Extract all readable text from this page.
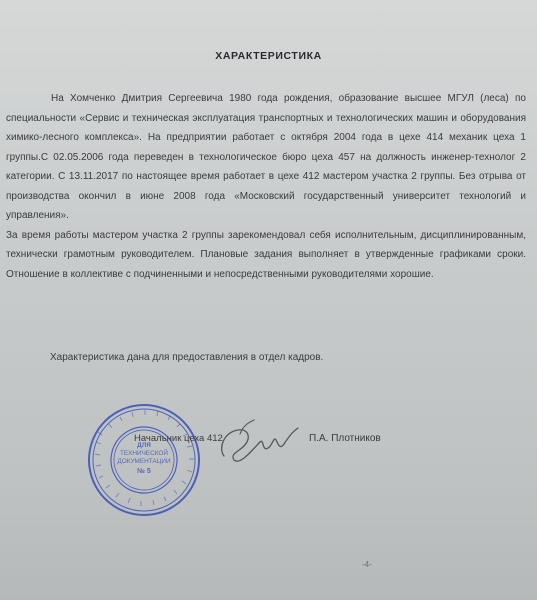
ХАРАКТЕРИСТИКА

На Хомченко Дмитрия Сергеевича 1980 года рождения, образование высшее МГУЛ (леса) по специальности «Сервис и техническая эксплуатация транспортных и технологических машин и оборудования химико-лесного комплекса». На предприятии работает с октября 2004 года в цехе 414 механик цеха 1 группы.С 02.05.2006 года переведен в технологическое бюро цеха 457 на должность инженер-технолог 2 категории. С 13.11.2017 по настоящее время работает в цехе 412 мастером участка 2 группы. Без отрыва от производства окончил в июне 2008 года «Московский государственный университет технологий и управления».

За время работы мастером участка 2 группы зарекомендовал себя исполнительным, дисциплинированным, технически грамотным руководителем. Плановые задания выполняет в утвержденные графиками сроки. Отношение в коллективе с подчиненными и непосредственными руководителями хорошие.

Характеристика дана для предоставления в отдел кадров.
ДЛЯ
ТЕХНИЧЕСКОЙ
ДОКУМЕНТАЦИИ
№ 5
Начальник цеха 412	П.А. Плотников
-4-
